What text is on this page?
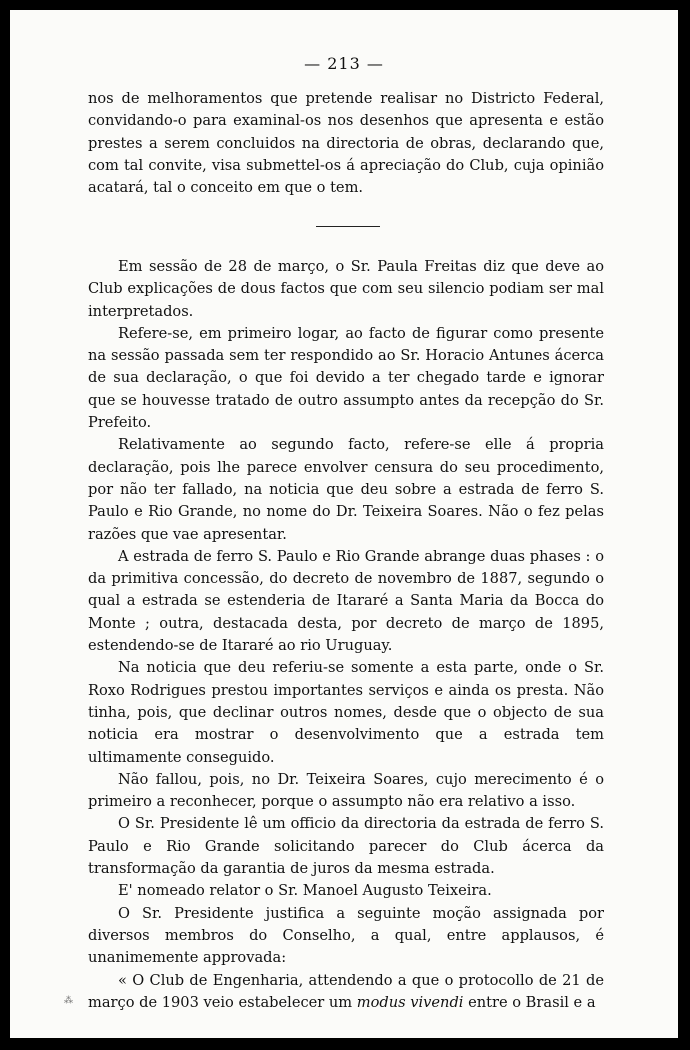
— 213 —

nos de melhoramentos que pretende realisar no Districto Federal, convidando-o para examinal-os nos desenhos que apresenta e estão prestes a serem concluidos na directoria de obras, declarando que, com tal convite, visa submettel-os á apreciação do Club, cuja opinião acatará, tal o conceito em que o tem.

Em sessão de 28 de março, o Sr. Paula Freitas diz que deve ao Club explicações de dous factos que com seu silencio podiam ser mal interpretados.

Refere-se, em primeiro logar, ao facto de figurar como presente na sessão passada sem ter respondido ao Sr. Horacio Antunes ácerca de sua declaração, o que foi devido a ter chegado tarde e ignorar que se houvesse tratado de outro assumpto antes da recepção do Sr. Prefeito.

Relativamente ao segundo facto, refere-se elle á propria declaração, pois lhe parece envolver censura do seu procedimento, por não ter fallado, na noticia que deu sobre a estrada de ferro S. Paulo e Rio Grande, no nome do Dr. Teixeira Soares. Não o fez pelas razões que vae apresentar.

A estrada de ferro S. Paulo e Rio Grande abrange duas phases : o da primitiva concessão, do decreto de novembro de 1887, segundo o qual a estrada se estenderia de Itararé a Santa Maria da Bocca do Monte ; outra, destacada desta, por decreto de março de 1895, estendendo-se de Itararé ao rio Uruguay.

Na noticia que deu referiu-se somente a esta parte, onde o Sr. Roxo Rodrigues prestou importantes serviços e ainda os presta. Não tinha, pois, que declinar outros nomes, desde que o objecto de sua noticia era mostrar o desenvolvimento que a estrada tem ultimamente conseguido.

Não fallou, pois, no Dr. Teixeira Soares, cujo merecimento é o primeiro a reconhecer, porque o assumpto não era relativo a isso.

O Sr. Presidente lê um officio da directoria da estrada de ferro S. Paulo e Rio Grande solicitando parecer do Club ácerca da transformação da garantia de juros da mesma estrada.

E' nomeado relator o Sr. Manoel Augusto Teixeira.

O Sr. Presidente justifica a seguinte moção assignada por diversos membros do Conselho, a qual, entre applausos, é unanimemente approvada:

« O Club de Engenharia, attendendo a que o protocollo de 21 de março de 1903 veio estabelecer um modus vivendi entre o Brasil e a

⁂
